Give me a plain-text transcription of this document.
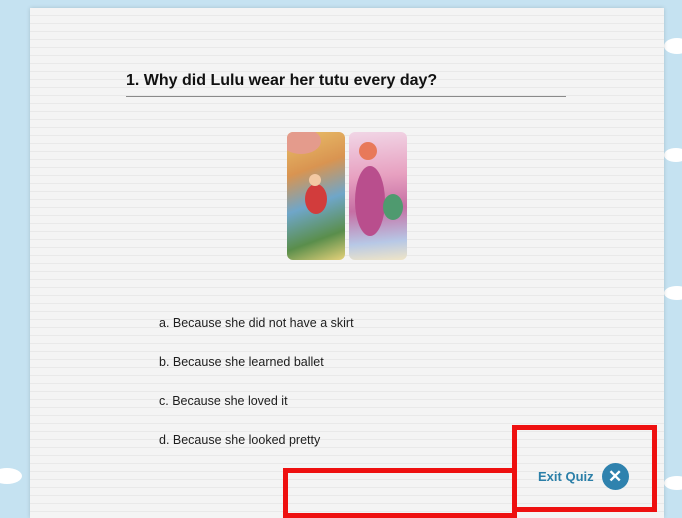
1. Why did Lulu wear her tutu every day?
a. Because she did not have a skirt
b. Because she learned ballet
c. Because she loved it
d. Because she looked pretty
Exit Quiz ✕
